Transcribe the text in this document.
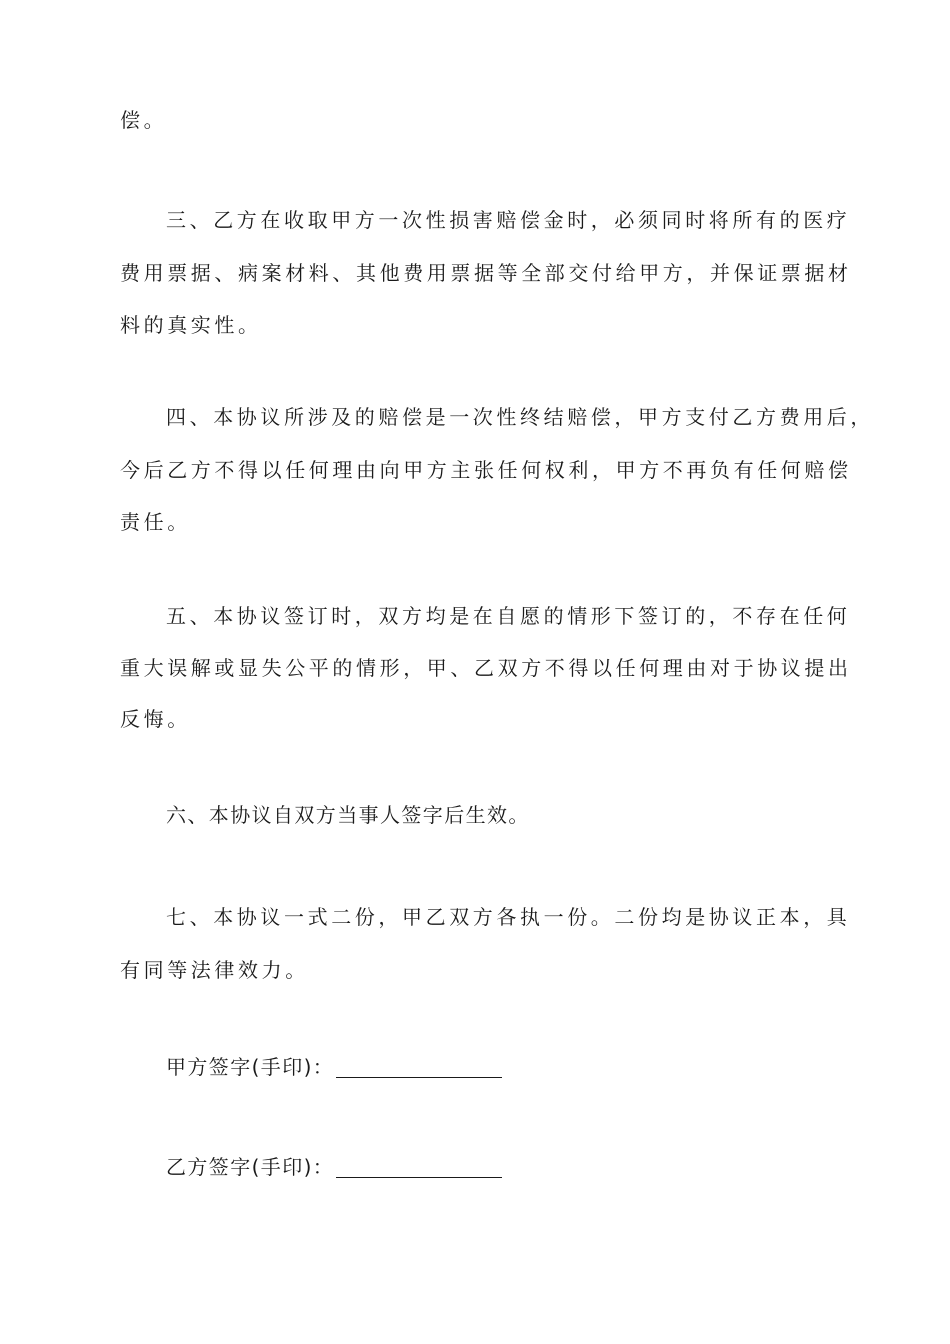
偿。
三、乙方在收取甲方一次性损害赔偿金时，必须同时将所有的医疗
费用票据、病案材料、其他费用票据等全部交付给甲方，并保证票据材
料的真实性。
四、本协议所涉及的赔偿是一次性终结赔偿，甲方支付乙方费用后，
今后乙方不得以任何理由向甲方主张任何权利，甲方不再负有任何赔偿
责任。
五、本协议签订时，双方均是在自愿的情形下签订的，不存在任何
重大误解或显失公平的情形，甲、乙双方不得以任何理由对于协议提出
反悔。
六、本协议自双方当事人签字后生效。
七、本协议一式二份，甲乙双方各执一份。二份均是协议正本，具
有同等法律效力。
甲方签字(手印)：
乙方签字(手印)：
